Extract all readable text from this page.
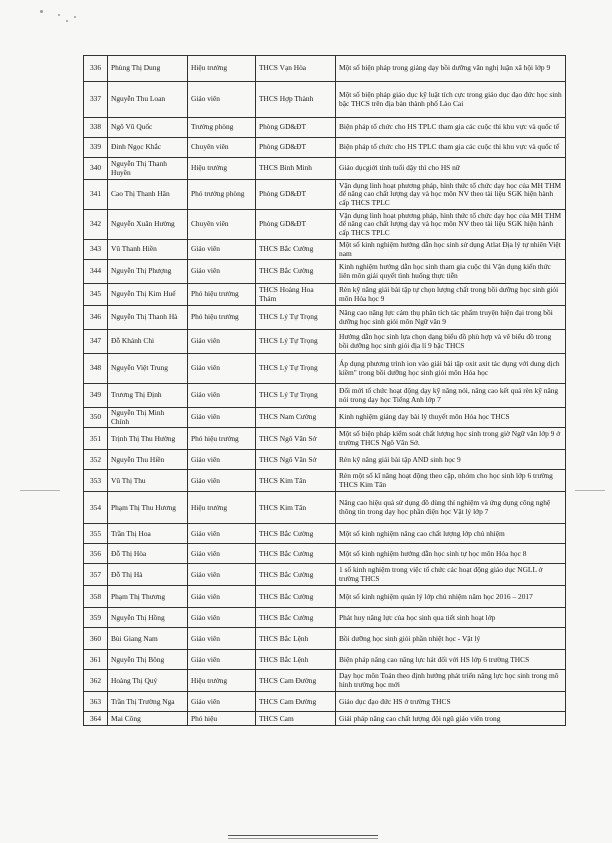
336	Phùng Thị Dung	Hiệu trưởng	THCS Vạn Hòa	Một số biện pháp trong giảng dạy bồi dưỡng văn nghị luận xã hội lớp 9
337	Nguyễn Thu Loan	Giáo viên	THCS Hợp Thành	Một số biện pháp giáo dục kỹ luật tích cực trong giáo dục đạo đức học sinh bậc THCS trên địa bàn thành phố Lào Cai
338	Ngô Vũ Quốc	Trưởng phòng	Phòng GD&ĐT	Biện pháp tổ chức cho HS TPLC tham gia các cuộc thi khu vực và quốc tế
339	Đinh Ngọc Khắc	Chuyên viên	Phòng GD&ĐT	Biện pháp tổ chức cho HS TPLC tham gia các cuộc thi khu vực và quốc tế
340	Nguyễn Thị Thanh Huyền	Hiệu trưởng	THCS Bình Minh	Giáo dụcgiới tính tuổi dậy thì cho HS nữ
341	Cao Thị Thanh Hân	Phó trưởng phòng	Phòng GD&ĐT	Vận dụng linh hoạt phương pháp, hình thức tổ chức dạy học của MH THM để nâng cao chất lượng dạy và học môn NV theo tài liệu SGK hiện hành cấp THCS TPLC
342	Nguyễn Xuân Hường	Chuyên viên	Phòng GD&ĐT	Vận dụng linh hoạt phương pháp, hình thức tổ chức dạy học của MH THM để nâng cao chất lượng dạy và học môn NV theo tài liệu SGK hiện hành cấp THCS TPLC
343	Vũ Thanh Hiền	Giáo viên	THCS Bắc Cường	Một số kinh nghiệm hướng dẫn học sinh sử dụng Atlat Địa lý tự nhiên Việt nam
344	Nguyễn Thị Phượng	Giáo viên	THCS Bắc Cường	Kinh nghiệm hướng dẫn học sinh tham gia cuộc thi Vận dụng kiến thức liên môn giải quyết tình huống thực tiễn
345	Nguyễn Thị Kim Huế	Phó hiệu trưởng	THCS Hoàng Hoa Thám	Rèn kỹ năng giải bài tập tự chọn lượng chất trong bồi dưỡng học sinh giỏi môn Hóa học 9
346	Nguyễn Thị Thanh Hà	Phó hiệu trưởng	THCS Lý Tự Trọng	Nâng cao năng lực cảm thụ phân tích tác phẩm truyện hiện đại trong bồi dưỡng học sinh giỏi môn Ngữ văn 9
347	Đỗ Khánh Chi	Giáo viên	THCS Lý Tự Trọng	Hướng dẫn học sinh lựa chọn dạng biểu đồ phù hợp và vẽ biểu đồ trong bồi dưỡng học sinh giỏi địa lí 9 bậc THCS
348	Nguyễn Việt Trung	Giáo viên	THCS Lý Tự Trọng	Áp dụng phương trình ion vào giải bài tập oxit axit tác dụng với dung dịch kiềm" trong bồi dưỡng học sinh giỏi môn Hóa học
349	Trương Thị Định	Giáo viên	THCS Lý Tự Trọng	Đổi mới tổ chức hoạt động dạy kỹ năng nói, nâng cao kết quả rèn kỹ năng nói trong dạy học Tiếng Anh lớp 7
350	Nguyễn Thị Minh Chính	Giáo viên	THCS Nam Cường	Kinh nghiệm giảng dạy bài lý thuyết môn Hóa học THCS
351	Trịnh Thị Thu Hường	Phó hiệu trưởng	THCS Ngô Văn Sở	Một số biện pháp kiểm soát chất lượng học sinh trong giờ Ngữ văn lớp 9 ở trường THCS Ngô Văn Sở.
352	Nguyễn Thu Hiền	Giáo viên	THCS Ngô Văn Sở	Rèn kỹ năng giải bài tập AND sinh học 9
353	Vũ Thị Thu	Giáo viên	THCS Kim Tân	Rèn một số kĩ năng hoạt động theo cặp, nhóm cho học sinh lớp 6 trường THCS Kim Tân
354	Phạm Thị Thu Hương	Hiệu trưởng	THCS Kim Tân	Nâng cao hiệu quả sử dụng đồ dùng thí nghiệm và ứng dụng công nghệ thông tin trong dạy học phần điện học Vật lý lớp 7
355	Trần Thị Hoa	Giáo viên	THCS Bắc Cường	Một số kinh nghiệm nâng cao chất lượng lớp chủ nhiệm
356	Đỗ Thị Hòa	Giáo viên	THCS Bắc Cường	Một số kinh nghiệm hướng dẫn học sinh tự học môn Hóa học 8
357	Đỗ Thị Hà	Giáo viên	THCS Bắc Cường	1 số kinh nghiệm trong việc tổ chức các hoạt động giáo dục NGLL ở trường THCS
358	Phạm Thị Thương	Giáo viên	THCS Bắc Cường	Một số kinh nghiệm quản lý lớp chủ nhiệm năm học 2016 – 2017
359	Nguyễn Thị Hồng	Giáo viên	THCS Bắc Cường	Phát huy năng lực của học sinh qua tiết sinh hoạt lớp
360	Bùi Giang Nam	Giáo viên	THCS Bắc Lệnh	Bồi dưỡng học sinh giỏi phần nhiệt học - Vật lý
361	Nguyễn Thị Bông	Giáo viên	THCS Bắc Lệnh	Biện pháp nâng cao năng lực hát đối với HS lớp 6 trường THCS
362	Hoàng Thị Quý	Hiệu trưởng	THCS Cam Đường	Dạy học môn Toán theo định hướng phát triển năng lực học sinh trong mô hình trường học mới
363	Trần Thị Trường Nga	Giáo viên	THCS Cam Đường	Giáo dục đạo đức HS ở trường THCS
364	Mai Công	Phó hiệu	THCS Cam	Giải pháp nâng cao chất lượng đội ngũ giáo viên trong
